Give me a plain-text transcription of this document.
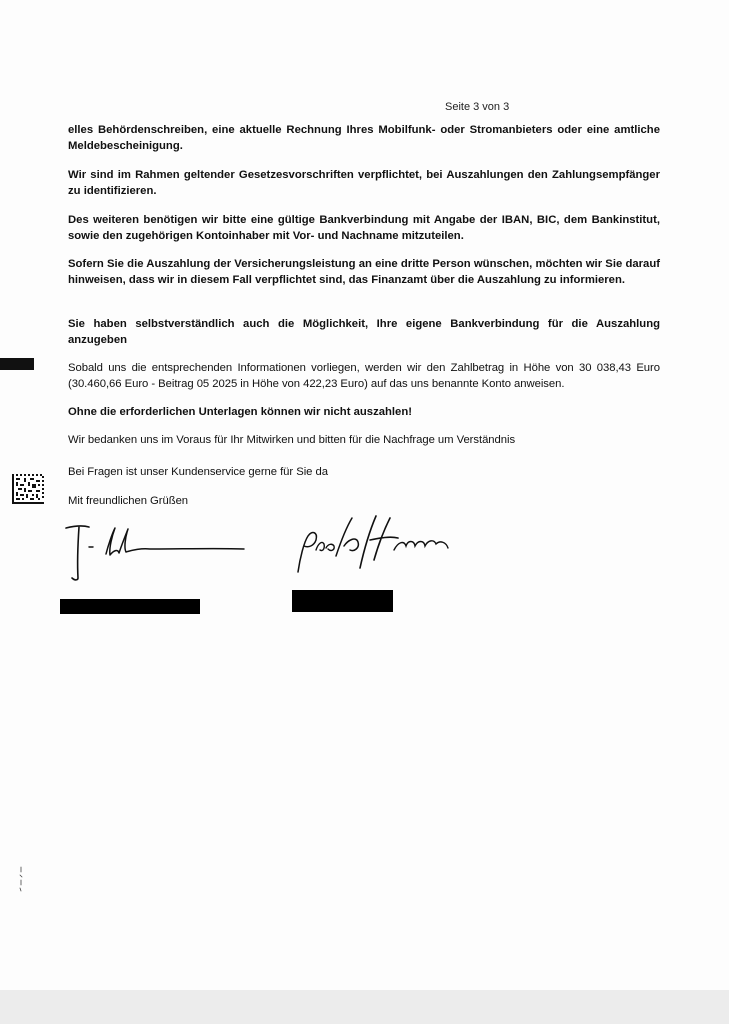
Seite 3 von 3
elles Behördenschreiben, eine aktuelle Rechnung Ihres Mobilfunk- oder Stromanbieters oder eine amtliche Meldebescheinigung.
Wir sind im Rahmen geltender Gesetzesvorschriften verpflichtet, bei Auszahlungen den Zahlungsempfänger zu identifizieren.
Des weiteren benötigen wir bitte eine gültige Bankverbindung mit Angabe der IBAN, BIC, dem Bankinstitut, sowie den zugehörigen Kontoinhaber mit Vor- und Nachname mitzuteilen.
Sofern Sie die Auszahlung der Versicherungsleistung an eine dritte Person wünschen, möchten wir Sie darauf hinweisen, dass wir in diesem Fall verpflichtet sind, das Finanzamt über die Auszahlung zu informieren.
Sie haben selbstverständlich auch die Möglichkeit, Ihre eigene Bankverbindung für die Auszahlung anzugeben
Sobald uns die entsprechenden Informationen vorliegen, werden wir den Zahlbetrag in Höhe von 30 038,43 Euro (30.460,66 Euro - Beitrag 05 2025 in Höhe von 422,23 Euro) auf das uns benannte Konto anweisen.
Ohne die erforderlichen Unterlagen können wir nicht auszahlen!
Wir bedanken uns im Voraus für Ihr Mitwirken und bitten für die Nachfrage um Verständnis
Bei Fragen ist unser Kundenservice gerne für Sie da
Mit freundlichen Grüßen
